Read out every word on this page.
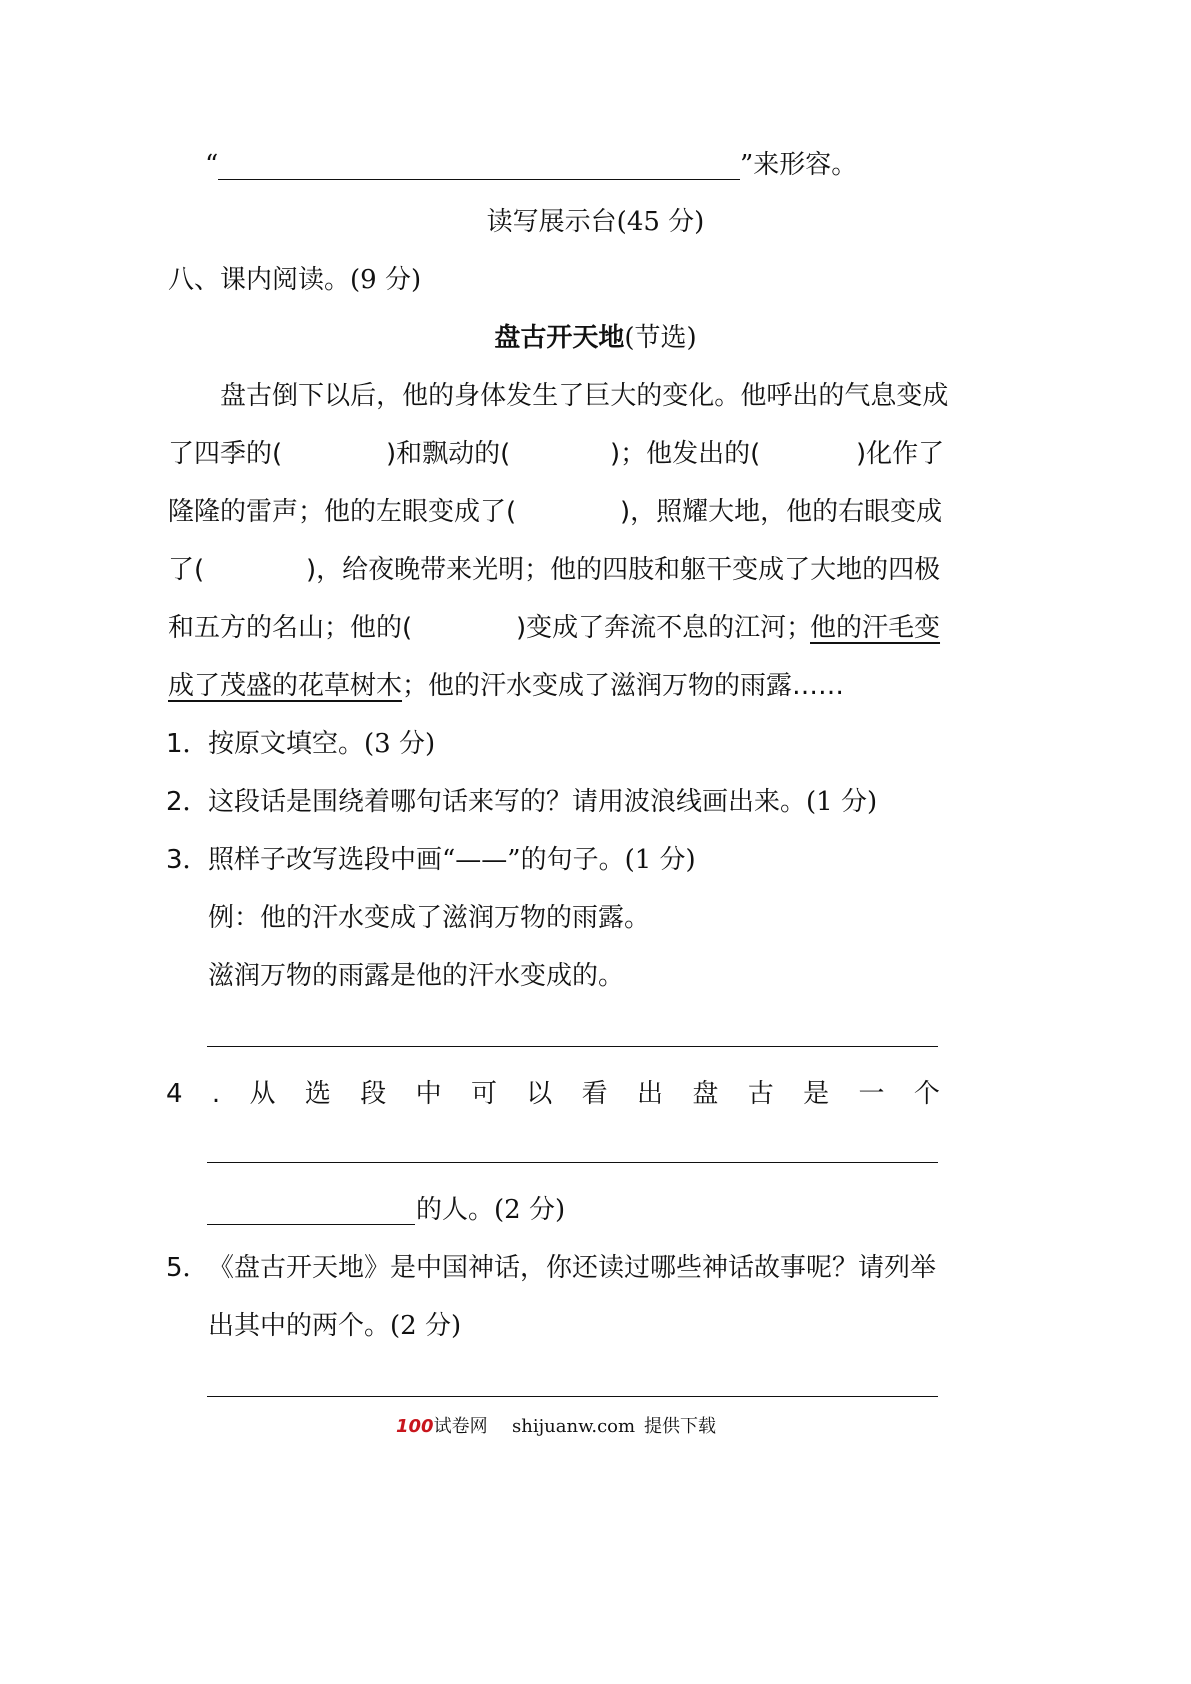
“	”来形容。
读写展示台(45 分)
八、课内阅读。(9 分)
盘古开天地(节选)
盘 古 倒 下 以 后 ， 他 的 身 体 发 生 了 巨 大 的 变 化 。 他 呼 出 的 气 息 变 成
了四季的(	)和飘动的(	)；他发出的(	)化作了
隆隆的雷声；他的左眼变成了(	)，照耀大地，他的右眼变成
了(	)，给夜晚带来光明；他的四肢和躯干变成了大地的四极
和五方的名山；他的(	)变成了奔流不息的江河；
他的汗毛变
成了茂盛的花草树木 ；他的汗水变成了滋润万物的雨露……
1． 按原文填空。(3 分)
2． 这段话是围绕着哪句话来写的？请用波浪线画出来。(1 分)
3． 照样子改写选段中画“——”的句子。(1 分)
例：他的汗水变成了滋润万物的雨露。
滋润万物的雨露是他的汗水变成的。
4 . 从 选 段 中 可 以 看 出 盘 古 是 一 个
的人。(2 分)
5． 《盘古开天地》是中国神话，你还读过哪些神话故事呢？请列举
出其中的两个。(2 分)
100试卷网 shijuanw.com 提供下载
